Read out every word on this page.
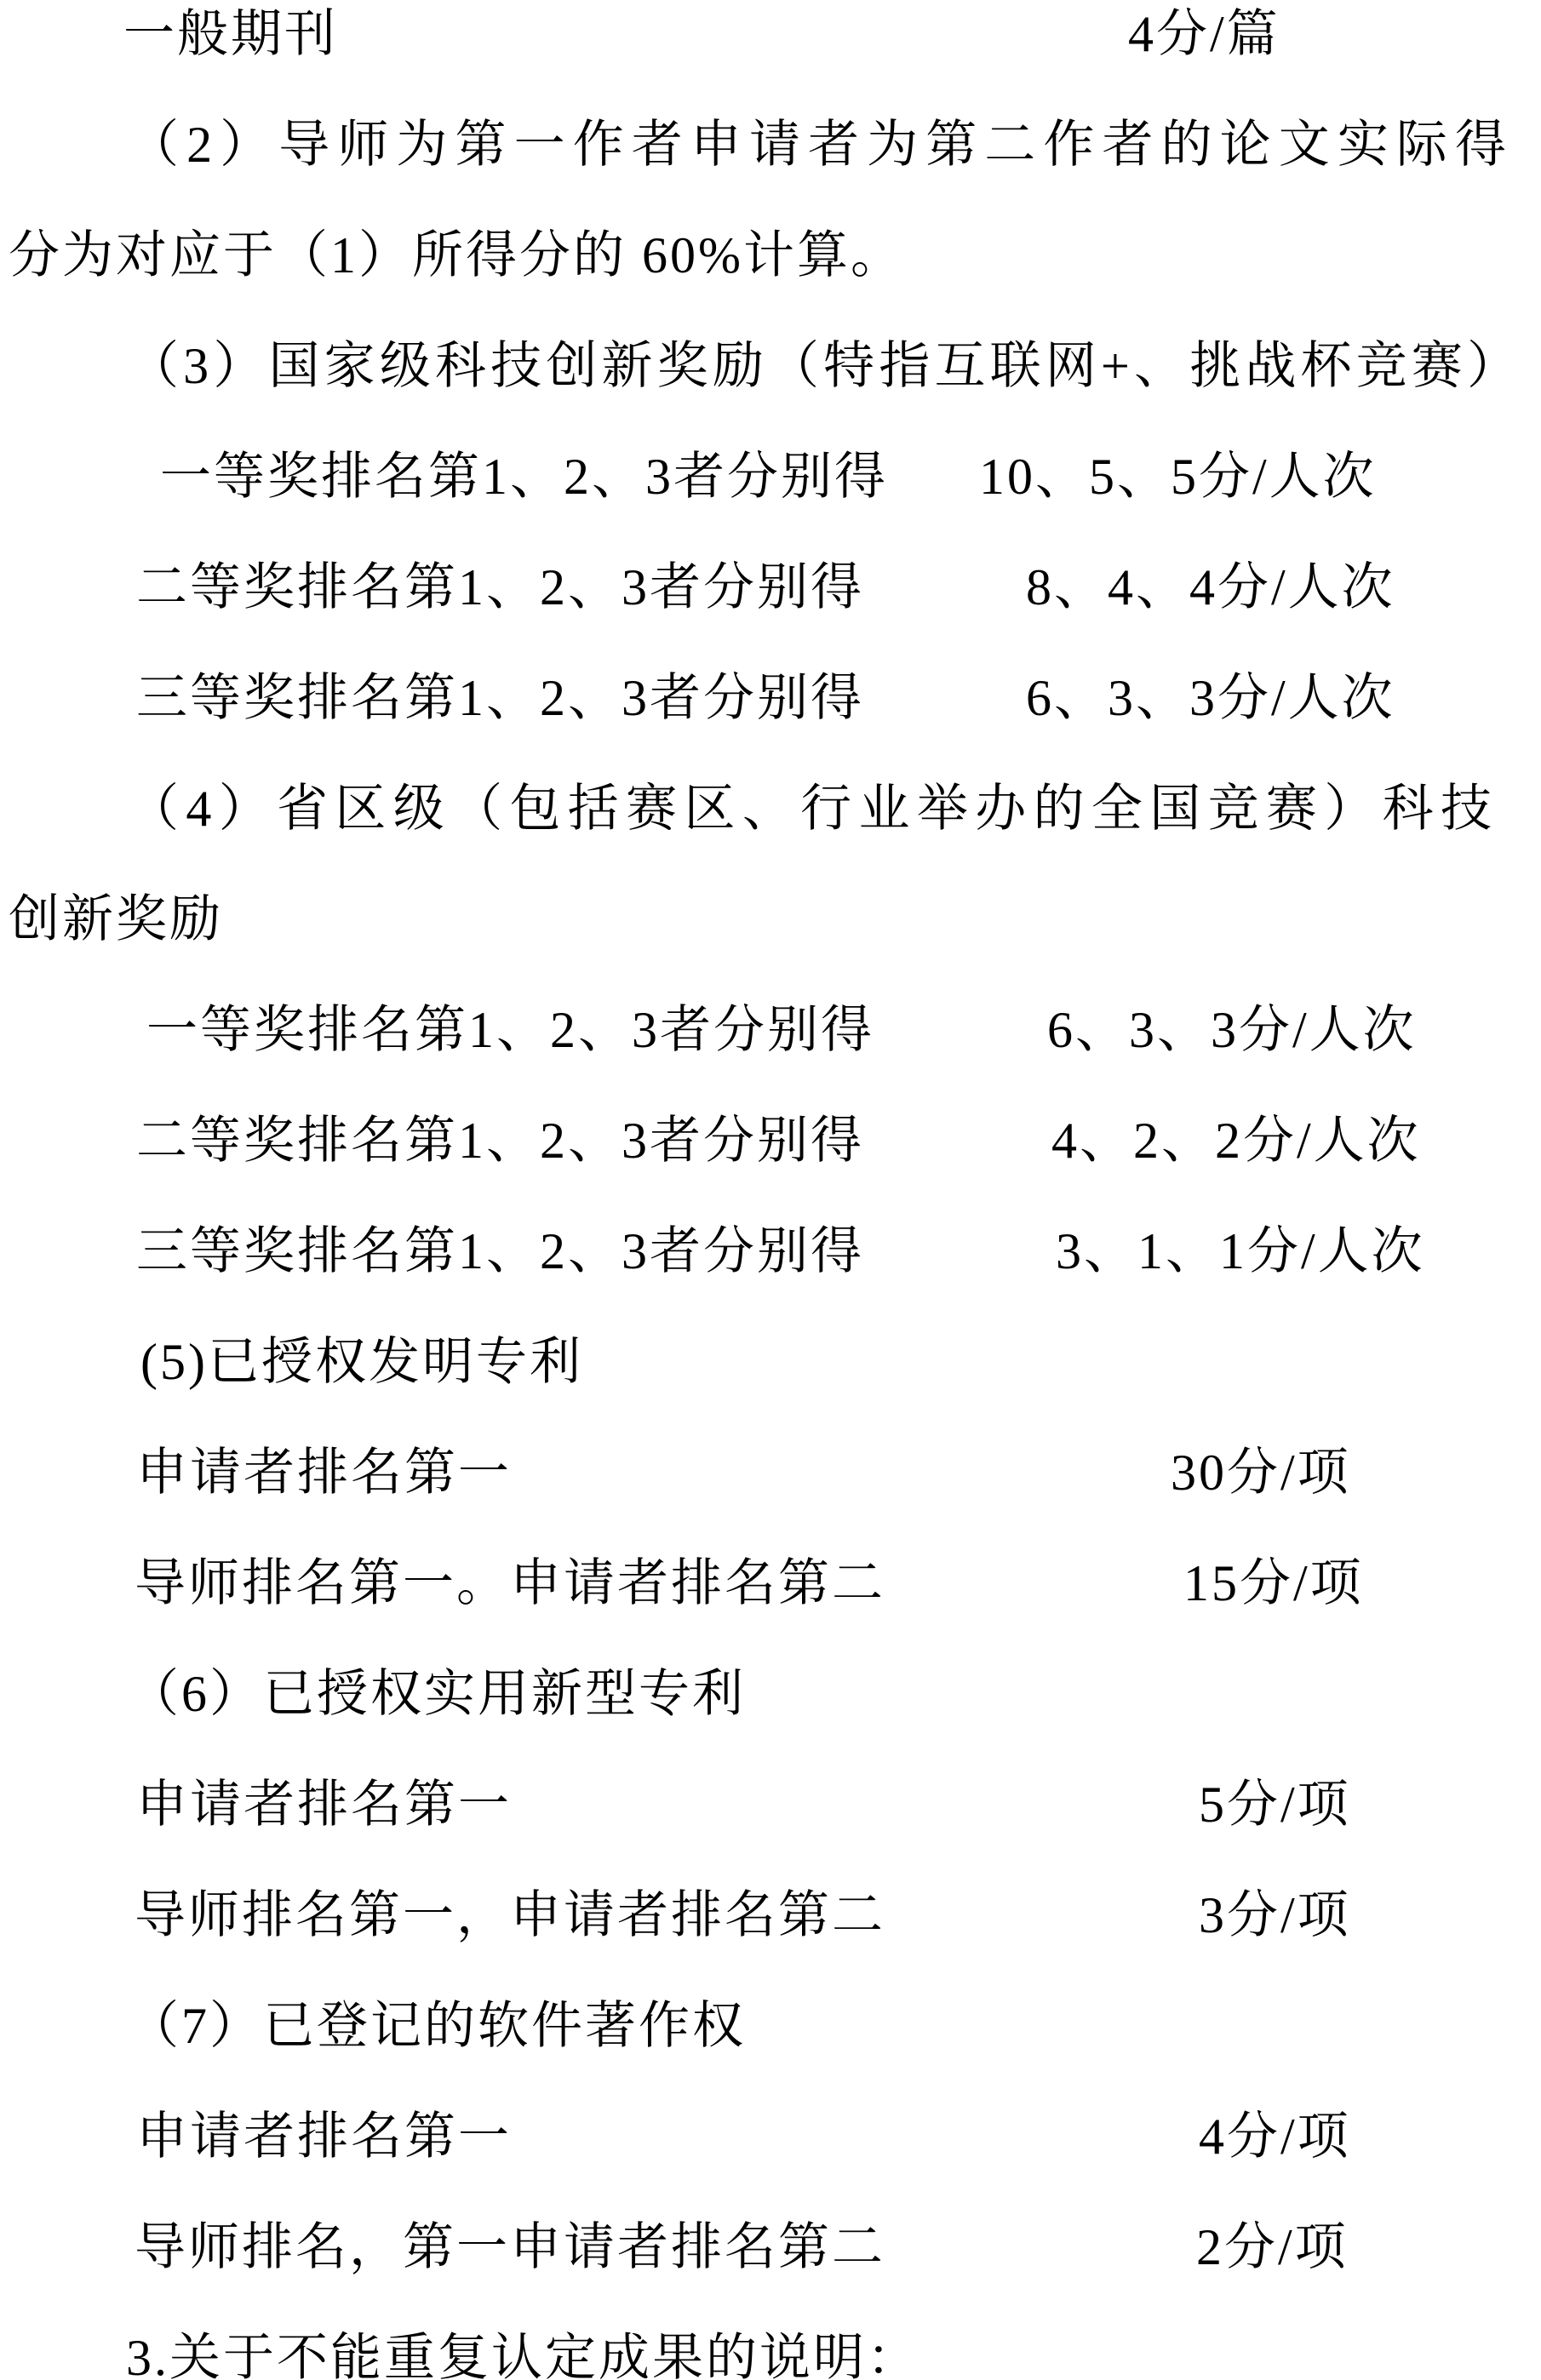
一般期刊	4分/篇
（2）导师为第一作者申请者为第二作者的论文实际得
分为对应于（1）所得分的 60%计算。
（3）国家级科技创新奖励（特指互联网+、挑战杯竞赛）
一等奖排名第1、2、3者分别得 10、5、5分/人次
二等奖排名第1、2、3者分别得	8、4、4分/人次
三等奖排名第1、2、3者分别得	6、3、3分/人次
（4）省区级（包括赛区、行业举办的全国竞赛）科技
创新奖励
一等奖排名第1、2、3者分别得	6、3、3分/人次
二等奖排名第1、2、3者分别得	4、2、2分/人次
三等奖排名第1、2、3者分别得	3、1、1分/人次
(5)已授权发明专利
申请者排名第一	30分/项
导师排名第一。申请者排名第二	15分/项
（6）已授权实用新型专利
申请者排名第一	5分/项
导师排名第一，申请者排名第二	3分/项
（7）已登记的软件著作权
申请者排名第一	4分/项
导师排名，第一申请者排名第二	2分/项
3.关于不能重复认定成果的说明：
